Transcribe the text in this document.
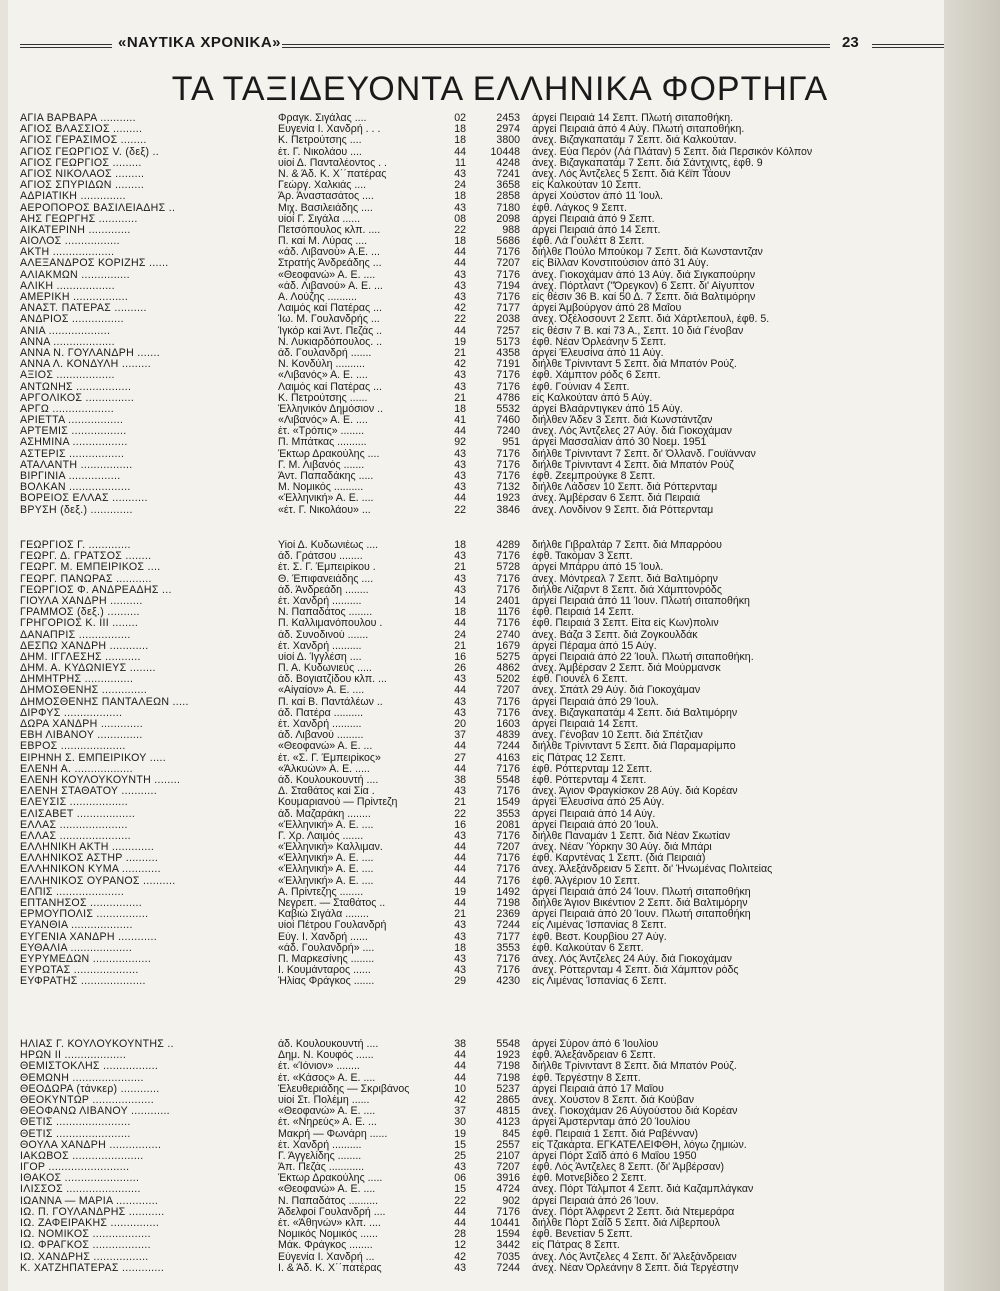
«ΝΑΥΤΙΚΑ ΧΡΟΝΙΚΑ»	23
ΤΑ ΤΑΞΙΔΕΥΟΝΤΑ ΕΛΛΗΝΙΚΑ ΦΟΡΤΗΓΑ
ΑΓΙΑ ΒΑΡΒΑΡΑ ...........	Φραγκ. Σιγάλας ....	02	2453	άργεί Πειραιά 14 Σεπτ. Πλωτή σιταποθήκη.
ΑΓΙΟΣ ΒΛΑΣΣΙΟΣ .........	Ευγενία Ι. Χανδρή . . .	18	2974	άργεί Πειραιά άπό 4 Αύγ. Πλωτή σιταποθήκη.
ΑΓΙΟΣ ΓΕΡΑΣΙΜΟΣ ........	Κ. Πετρούτσης ....	18	3800	άνεχ. Βιζαγκαπατάμ 7 Σεπτ. διά Καλκούταν.
ΑΓΙΟΣ ΓΕΩΡΓΙΟΣ V. (δεξ) ..	έτ. Γ. Νικολάου ....	44	10448	άνεχ. Εύα Περόν (Λά Πλάταν) 5 Σεπτ. διά Περσικόν Κόλπον
ΑΓΙΟΣ ΓΕΩΡΓΙΟΣ .........	υίοί Δ. Πανταλέοντος . .	11	4248	άνεχ. Βιζαγκαπατάμ 7 Σεπτ. διά Σάντχιντς, έφθ. 9
ΑΓΙΟΣ ΝΙΚΟΛΑΟΣ .........	Ν. & Άδ. Κ. Χ΄΄πατέρας	43	7241	άνεχ. Λός Άντζελες 5 Σεπτ. διά Κέϊπ Τάουν
ΑΓΙΟΣ ΣΠΥΡΙΔΩΝ .........	Γεώργ. Χαλκιάς ....	24	3658	είς Καλκούταν 10 Σεπτ.
ΑΔΡΙΑΤΙΚΗ ..............	Άρ. Άναστασάτος ....	18	2858	άργεί Χούστον άπό 11 Ίουλ.
ΑΕΡΟΠΟΡΟΣ ΒΑΣΙΛΕΙΑΔΗΣ ..	Μιχ. Βασιλειάδης ....	43	7180	έφθ. Λάγκος 9 Σεπτ.
ΑΗΣ ΓΕΩΡΓΗΣ ............	υίοί Γ. Σιγάλα ......	08	2098	άργεί Πειραιά άπό 9 Σεπτ.
ΑΙΚΑΤΕΡΙΝΗ .............	Πετσόπουλος κλπ. ....	22	988	άργεί Πειραιά άπό 14 Σεπτ.
ΑΙΟΛΟΣ .................	Π. καί Μ. Λύρας ....	18	5686	έφθ. Λά Γουλέττ 8 Σεπτ.
ΑΚΤΗ ...................	«άδ. Λιβανού» Α.Ε. ...	44	7176	διήλθε Πούλο Μπούκομ 7 Σεπτ. διά Κωνσταντζαν
ΑΛΕΞΑΝΔΡΟΣ ΚΟΡΙΖΗΣ ......	Στρατής Άνδρεάδης ...	44	7207	είς Βίλλαν Κονστιτούσιον άπό 31 Αύγ.
ΑΛΙΑΚΜΩΝ ...............	«Θεοφανώ» Α. Ε. ....	43	7176	άνεχ. Γιοκοχάμαν άπό 13 Αύγ. διά Σιγκαπούρην
ΑΛΙΚΗ ..................	«άδ. Λιβανού» Α. Ε. ...	43	7194	άνεχ. Πόρτλαντ ("Όρεγκον) 6 Σεπτ. δι' Αίγυπτον
ΑΜΕΡΙΚΗ .................	Α. Λούζης ..........	43	7176	είς θέσιν 36 Β. καί 50 Δ. 7 Σεπτ. διά Βαλτιμόρην
ΑΝΑΣΤ. ΠΑΤΕΡΑΣ ..........	Λαιμός καί Πατέρας ...	42	7177	άργεί Άμβούργον άπό 28 Μαΐου
ΑΝΔΡΙΟΣ ................	Ίω. Μ. Γουλανδρής ...	22	2038	άνεχ. Όξέλοσουντ 2 Σεπτ. διά Χάρτλεπουλ, έφθ. 5.
ΑΝΙΑ ...................	Ίγκόρ καί Άντ. Πεζάς ..	44	7257	είς θέσιν 7 Β. καί 73 Α., Σεπτ. 10 διά Γένοβαν
ΑΝΝΑ ...................	Ν. Λυκιαρδόπουλος. ..	19	5173	έφθ. Νέαν Όρλεάνην 5 Σεπτ.
ΑΝΝΑ Ν. ΓΟΥΛΑΝΔΡΗ .......	άδ. Γουλανδρή .......	21	4358	άργεί Έλευσίνα άπό 11 Αύγ.
ΑΝΝΑ Λ. ΚΟΝΔΥΛΗ .........	Ν. Κονδύλη ..........	42	7191	διήλθε Τρίνινταντ 5 Σεπτ. διά Μπατόν Ρούζ.
ΑΞΙΟΣ ..................	«Λιβανός» Α. Ε. ....	43	7176	έφθ. Χάμπτον ρόδς 6 Σεπτ.
ΑΝΤΩΝΗΣ .................	Λαιμός καί Πατέρας ...	43	7176	έφθ. Γούνιαν 4 Σεπτ.
ΑΡΓΟΛΙΚΟΣ ...............	Κ. Πετρούτσης ......	21	4786	είς Καλκούταν άπό 5 Αύγ.
ΑΡΓΩ ...................	Έλληνικόν Δημόσιον ..	18	5532	άργεί Βλαάρντιγκεν άπό 15 Αύγ.
ΑΡΙΕΤΤΑ .................	«Λιβανός» Α. Ε. ....	41	7460	διήλθεν Άδεν 3 Σεπτ. διά Κωνστάντζαν
ΑΡΤΕΜΙΣ .................	έτ. «Τρόπις» ........	44	7240	άνεχ. Λός Άντζελες 27 Αύγ. διά Γιοκοχάμαν
ΑΣΗΜΙΝΑ .................	Π. Μπάτκας ..........	92	951	άργεί Μασσαλίαν άπό 30 Νοεμ. 1951
ΑΣΤΕΡΙΣ .................	Έκτωρ Δρακούλης ....	43	7176	διήλθε Τρίνινταντ 7 Σεπτ. δι' Όλλανδ. Γουϊάνναν
ΑΤΑΛΑΝΤΗ ................	Γ. Μ. Λιβανός .......	43	7176	διήλθε Τρίνινταντ 4 Σεπτ. διά Μπατόν Ρούζ
ΒΙΡΓΙΝΙΑ ................	Άντ. Παπαδάκης .....	43	7176	έφθ. Ζεεμπρούγκε 8 Σεπτ.
ΒΟΛΚΑΝ ...................	Μ. Νομικός ..........	43	7132	διήλθε Λάδσεν 10 Σεπτ. διά Ρόττερνταμ
ΒΟΡΕΙΟΣ ΕΛΛΑΣ ...........	«Έλληνική» Α. Ε. ....	44	1923	άνεχ. Άμβέρσαν 6 Σεπτ. διά Πειραιά
ΒΡΥΣΗ (δεξ.) .............	«έτ. Γ. Νικολάου» ...	22	3846	άνεχ. Λονδίνον 9 Σεπτ. διά Ρόττερνταμ
ΓΕΩΡΓΙΟΣ Γ. .............	Υίοί Δ. Κυδωνιέως ....	18	4289	διήλθε Γιβραλτάρ 7 Σεπτ. διά Μπαρρόου
ΓΕΩΡΓ. Δ. ΓΡΑΤΣΟΣ ........	άδ. Γράτσου ........	43	7176	έφθ. Τακόμαν 3 Σεπτ.
ΓΕΩΡΓ. Μ. ΕΜΠΕΙΡΙΚΟΣ ....	έτ. Σ. Γ. Έμπειρίκου .	21	5728	άργεί Μπάρρυ άπό 15 Ίουλ.
ΓΕΩΡΓ. ΠΑΝΩΡΑΣ ...........	Θ. Έπιφανειάδης ....	43	7176	άνεχ. Μόντρεαλ 7 Σεπτ. διά Βαλτιμόρην
ΓΕΩΡΓΙΟΣ Φ. ΑΝΔΡΕΑΔΗΣ ...	άδ. Άνδρεάδη ........	43	7176	διήλθε Λίζαρντ 8 Σεπτ. διά Χάμπτονρόδς
ΓΙΟΥΛΑ ΧΑΝΔΡΗ ..........	έτ. Χανδρή ..........	14	2401	άργεί Πειραιά άπό 11 Ίουν. Πλωτή σιταποθήκη
ΓΡΑΜΜΟΣ (δεξ.) ..........	Ν. Παπαδάτος ........	18	1176	έφθ. Πειραιά 14 Σεπτ.
ΓΡΗΓΟΡΙΟΣ Κ. III ........	Π. Καλλιμανόπουλου .	44	7176	έφθ. Πειραιά 3 Σεπτ. Είτα είς Κων)πολιν
ΔΑΝΑΠΡΙΣ ................	άδ. Συνοδινού .......	24	2740	άνεχ. Βάζα 3 Σεπτ. διά Ζογκουλδάκ
ΔΕΣΠΩ ΧΑΝΔΡΗ ............	έτ. Χανδρή ..........	21	1679	άργεί Πέραμα άπό 15 Αύγ.
ΔΗΜ. ΙΓΓΛΕΣΗΣ ...........	υίοί Δ. Ίγγλέση ....	16	5275	άργεί Πειραιά άπό 22 Ίουλ. Πλωτή σιταποθήκη.
ΔΗΜ. Α. ΚΥΔΩΝΙΕΥΣ ........	Π. Α. Κυδωνιεύς .....	26	4862	άνεχ. Άμβέρσαν 2 Σεπτ. διά Μούρμανσκ
ΔΗΜΗΤΡΗΣ ...............	άδ. Βογιατζίδου κλπ. ...	43	5202	έφθ. Γιουνέλ 6 Σεπτ.
ΔΗΜΟΣΘΕΝΗΣ ..............	«Αίγαίον» Α. Ε. ....	44	7207	άνεχ. Σπάτλ 29 Αύγ. διά Γιοκοχάμαν
ΔΗΜΟΣΘΕΝΗΣ ΠΑΝΤΑΛΕΩΝ .....	Π. καί Β. Παντάλέων ..	43	7176	άργεί Πειραιά άπό 29 Ίουλ.
ΔΙΡΦΥΣ ..................	άδ. Πατέρα ..........	43	7176	άνεχ. Βιζαγκαπατάμ 4 Σεπτ. διά Βαλτιμόρην
ΔΩΡΑ ΧΑΝΔΡΗ .............	έτ. Χανδρή ..........	20	1603	άργεί Πειραιά 14 Σεπτ.
ΕΒΗ ΛΙΒΑΝΟΥ ..............	άδ. Λιβανού .........	37	4839	άνεχ. Γένοβαν 10 Σεπτ. διά Σπέτζιαν
ΕΒΡΟΣ ....................	«Θεοφανώ» Α. Ε. ...	44	7244	διήλθε Τρίνινταντ 5 Σεπτ. διά Παραμαρίμπο
ΕΙΡΗΝΗ Σ. ΕΜΠΕΙΡΙΚΟΥ .....	έτ. «Σ. Γ. Έμπειρίκος»	27	4163	είς Πάτρας 12 Σεπτ.
ΕΛΕΝΗ Α. ..................	«Άλκυών» Α. Ε. .....	44	7176	έφθ. Ρόττερνταμ 12 Σεπτ.
ΕΛΕΝΗ ΚΟΥΛΟΥΚΟΥΝΤΗ ........	άδ. Κουλουκουντή ....	38	5548	έφθ. Ρόττερνταμ 4 Σεπτ.
ΕΛΕΝΗ ΣΤΑΘΑΤΟΥ ...........	Δ. Σταθάτος καί Σία .	43	7176	άνεχ. Άγιον Φραγκίσκον 28 Αύγ. διά Κορέαν
ΕΛΕΥΣΙΣ ..................	Κουμαριανού — Πρίντεζη	21	1549	άργεί Έλευσίνα άπό 25 Αύγ.
ΕΛΙΣΑΒΕΤ ..................	άδ. Μαζαράκη ........	22	3553	άργεί Πειραιά άπό 14 Αύγ.
ΕΛΛΑΣ .....................	«Έλληνική» Α. Ε. ....	16	2081	άργεί Πειραιά άπό 20 Ίουλ.
ΕΛΛΑΣ ......................	Γ. Χρ. Λαιμός .......	43	7176	διήλθε Παναμάν 1 Σεπτ. διά Νέαν Σκωτίαν
ΕΛΛΗΝΙΚΗ ΑΚΤΗ .............	«Έλληνική» Καλλιμαν.	44	7207	άνεχ. Νέαν Ύόρκην 30 Αύγ. διά Μπάρι
ΕΛΛΗΝΙΚΟΣ ΑΣΤΗΡ ..........	«Έλληνική» Α. Ε. ....	44	7176	έφθ. Καρντένας 1 Σεπτ. (διά Πειραιά)
ΕΛΛΗΝΙΚΟΝ ΚΥΜΑ ............	«Έλληνική» Α. Ε. ....	44	7176	άνεχ. Άλεξάνδρειαν 5 Σεπτ. δι' Ήνωμένας Πολιτείας
ΕΛΛΗΝΙΚΟΣ ΟΥΡΑΝΟΣ ..........	«Έλληνική» Α. Ε. ....	44	7176	έφθ. Άλγέριον 10 Σεπτ.
ΕΛΠΙΣ .....................	Α. Πρίντεζης ........	19	1492	άργεί Πειραιά άπό 24 Ίουν. Πλωτή σιταποθήκη
ΕΠΤΑΝΗΣΟΣ ................	Νεγρεπ. — Σταθάτος ..	44	7198	διήλθε Άγιον Βικέντιον 2 Σεπτ. διά Βαλτιμόρην
ΕΡΜΟΥΠΟΛΙΣ ................	Καβιώ Σιγάλα ........	21	2369	άργεί Πειραιά άπό 20 Ίουν. Πλωτή σιταποθήκη
ΕΥΑΝΘΙΑ ...................	υίοί Πέτρου Γουλανδρή	43	7244	είς Λιμένας Ίσπανίας 8 Σεπτ.
ΕΥΓΕΝΙΑ ΧΑΝΔΡΗ ............	Εύγ. Ι. Χανδρή ......	43	7177	έφθ. Βεστ. Κουρβίου 27 Αύγ.
ΕΥΘΑΛΙΑ ...................	«άδ. Γουλανδρή» ....	18	3553	έφθ. Καλκούταν 6 Σεπτ.
ΕΥΡΥΜΕΔΩΝ ..................	Π. Μαρκεσίνης ........	43	7176	άνεχ. Λός Άντζελες 24 Αύγ. διά Γιοκοχάμαν
ΕΥΡΩΤΑΣ ....................	Ι. Κουμάνταρος ......	43	7176	άνεχ. Ρόττερνταμ 4 Σεπτ. διά Χάμπτον ρόδς
ΕΥΦΡΑΤΗΣ ....................	Ήλίας Φράγκος .......	29	4230	είς Λιμένας Ίσπανίας 6 Σεπτ.
ΗΛΙΑΣ Γ. ΚΟΥΛΟΥΚΟΥΝΤΗΣ ..	άδ. Κουλουκουντή ....	38	5548	άργεί Σύρον άπό 6 Ίουλίου
ΗΡΩΝ ΙΙ ...................	Δημ. Ν. Κουφός ......	44	1923	έφθ. Άλεξάνδρειαν 6 Σεπτ.
ΘΕΜΙΣΤΟΚΛΗΣ .................	έτ. «Ίόνιον» ........	44	7198	διήλθε Τρίνινταντ 8 Σεπτ. διά Μπατόν Ρούζ.
ΘΕΜΩΝΗ ......................	έτ. «Κάσος» Α. Ε. ....	44	7198	έφθ. Τεργέστην 8 Σεπτ.
ΘΕΟΔΩΡΑ (τάνκερ) ............	Έλευθεριάδης — Σκριβάνος	10	5237	άργεί Πειραιά άπό 17 Μαΐου
ΘΕΟΚΥΝΤΩΡ ...................	υίοί Στ. Πολέμη ......	42	2865	άνεχ. Χούστον 8 Σεπτ. διά Κούβαν
ΘΕΟΦΑΝΩ ΛΙΒΑΝΟΥ ............	«Θεοφανώ» Α. Ε. ....	37	4815	άνεχ. Γιοκοχάμαν 26 Αύγούστου διά Κορέαν
ΘΕΤΙΣ .......................	έτ. «Νηρεύς» Α. Ε. ...	30	4123	άργεί Άμστερνταμ άπό 20 Ίουλίου
ΘΕΤΙΣ .......................	Μακρή — Φωνάρη ......	19	845	έφθ. Πειραιά 1 Σεπτ. διά Ραβένναν)
ΘΟΥΛΑ ΧΑΝΔΡΗ ................	έτ. Χανδρή ..........	15	2557	είς Τζακάρτα. ΕΓΚΑΤΕΛΕΙΦΘΗ, λόγω ζημιών.
ΙΑΚΩΒΟΣ ......................	Γ. Άγγελίδης ........	25	2107	άργεί Πόρτ Σαΐδ άπό 6 Μαΐου 1950
ΙΓΟΡ .........................	Άπ. Πεζάς ............	43	7207	έφθ. Λός Άντζελες 8 Σεπτ. (δι' Άμβέρσαν)
ΙΘΑΚΟΣ .......................	Έκτωρ Δρακούλης .....	06	3916	έφθ. Μοτνεβίδεο 2 Σεπτ.
ΙΛΙΣΣΟΣ .......................	«Θεοφανώ» Α. Ε. ....	15	4724	άνεχ. Πόρτ Τάλμποτ 4 Σεπτ. διά Καζαμπλάγκαν
ΙΩΑΝΝΑ — ΜΑΡΙΑ .............	Ν. Παπαδάτος ..........	22	902	άργεί Πειραιά άπό 26 Ίουν.
ΙΩ. Π. ΓΟΥΛΑΝΔΡΗΣ ...........	Άδελφοί Γουλανδρή ....	44	7176	άνεχ. Πόρτ Άλφρεντ 2 Σεπτ. διά Ντεμεράρα
ΙΩ. ΖΑΦΕΙΡΑΚΗΣ ...............	έτ. «Άθηνών» κλπ. ....	44	10441	διήλθε Πόρτ Σαΐδ 5 Σεπτ. διά Λίβερπουλ
ΙΩ. ΝΟΜΙΚΟΣ ..................	Νομικός Νομικός ......	28	1594	έφθ. Βενετίαν 5 Σεπτ.
ΙΩ. ΦΡΑΓΚΟΣ ..................	Μάκ. Φράγκος ........	12	3442	είς Πάτρας 8 Σεπτ.
ΙΩ. ΧΑΝΔΡΗΣ .................	Εύγενία Ι. Χανδρή ...	42	7035	άνεχ. Λός Άντζελες 4 Σεπτ. δι' Άλεξάνδρειαν
Κ. ΧΑΤΖΗΠΑΤΕΡΑΣ .............	Ι. & Άδ. Κ. Χ΄΄πατέρας	43	7244	άνεχ. Νέαν Όρλεάνην 8 Σεπτ. διά Τεργέστην
